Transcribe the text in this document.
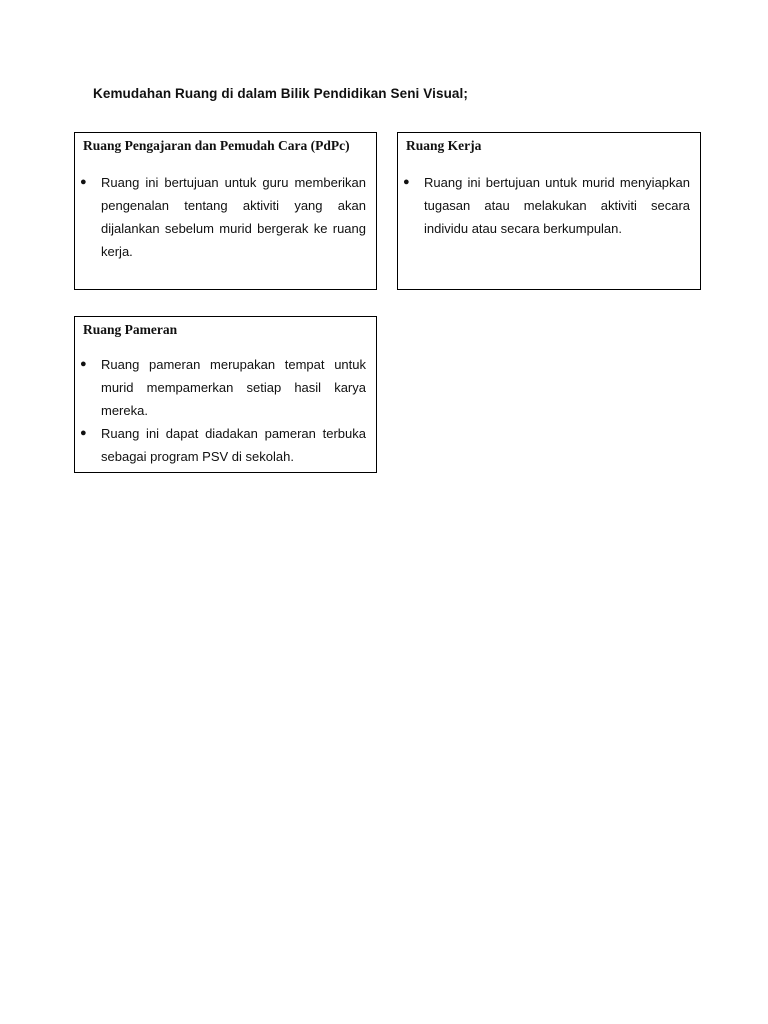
Kemudahan Ruang di dalam Bilik Pendidikan Seni Visual;
Ruang Pengajaran dan Pemudah Cara (PdPc)
● Ruang ini bertujuan untuk guru memberikan pengenalan tentang aktiviti yang akan dijalankan sebelum murid bergerak ke ruang kerja.
Ruang Kerja
● Ruang ini bertujuan untuk murid menyiapkan tugasan atau melakukan aktiviti secara individu atau secara berkumpulan.
Ruang Pameran
● Ruang pameran merupakan tempat untuk murid mempamerkan setiap hasil karya mereka.
● Ruang ini dapat diadakan pameran terbuka sebagai program PSV di sekolah.
